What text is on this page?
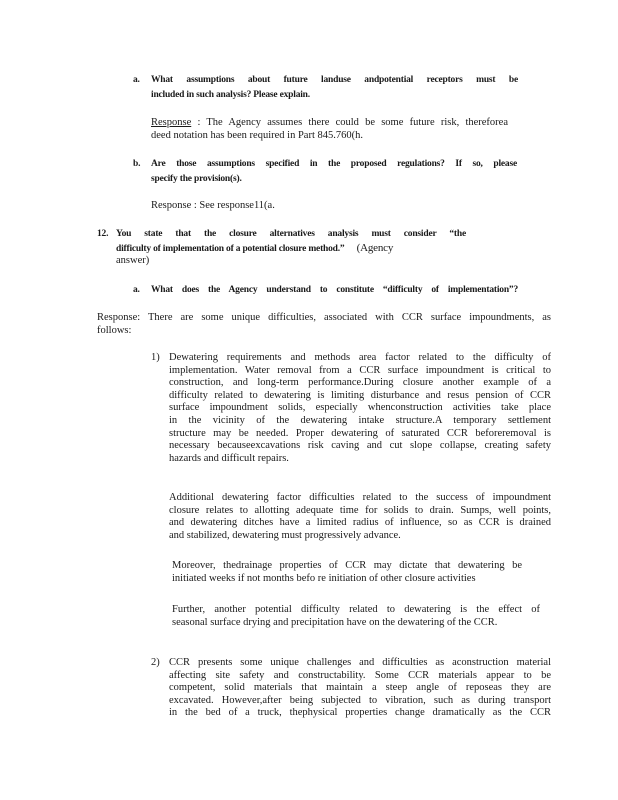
a. What assumptions about future landuse andpotential receptors must be
included in such analysis? Please explain.
Response : The Agency assumes there could be some future risk, thereforea
deed notation has been required in Part 845.760(h.
b. Are those assumptions specified in the proposed regulations? If so, please
specify the provision(s).
Response : See response11(a.
12. You state that the closure alternatives analysis must consider “the
difficulty of implementation of a potential closure method.” (Agency
answer)
a. What does the Agency understand to constitute “difficulty of implementation”?
Response: There are some unique difficulties, associated with CCR surface impoundments, as
follows:
1) Dewatering requirements and methods area factor related to the difficulty of
implementation. Water removal from a CCR surface impoundment is critical to
construction, and long-term performance.During closure another example of a
difficulty related to dewatering is limiting disturbance and resus pension of CCR
surface impoundment solids, especially whenconstruction activities take place
in the vicinity of the dewatering intake structure.A temporary settlement
structure may be needed. Proper dewatering of saturated CCR beforeremoval is
necessary becauseexcavations risk caving and cut slope collapse, creating safety
hazards and difficult repairs.
Additional dewatering factor difficulties related to the success of impoundment
closure relates to allotting adequate time for solids to drain. Sumps, well points,
and dewatering ditches have a limited radius of influence, so as CCR is drained
and stabilized, dewatering must progressively advance.
Moreover, thedrainage properties of CCR may dictate that dewatering be
initiated weeks if not months befo re initiation of other closure activities
Further, another potential difficulty related to dewatering is the effect of
seasonal surface drying and precipitation have on the dewatering of the CCR.
2) CCR presents some unique challenges and difficulties as aconstruction material
affecting site safety and constructability. Some CCR materials appear to be
competent, solid materials that maintain a steep angle of reposeas they are
excavated. However,after being subjected to vibration, such as during transport
in the bed of a truck, thephysical properties change dramatically as the CCR
